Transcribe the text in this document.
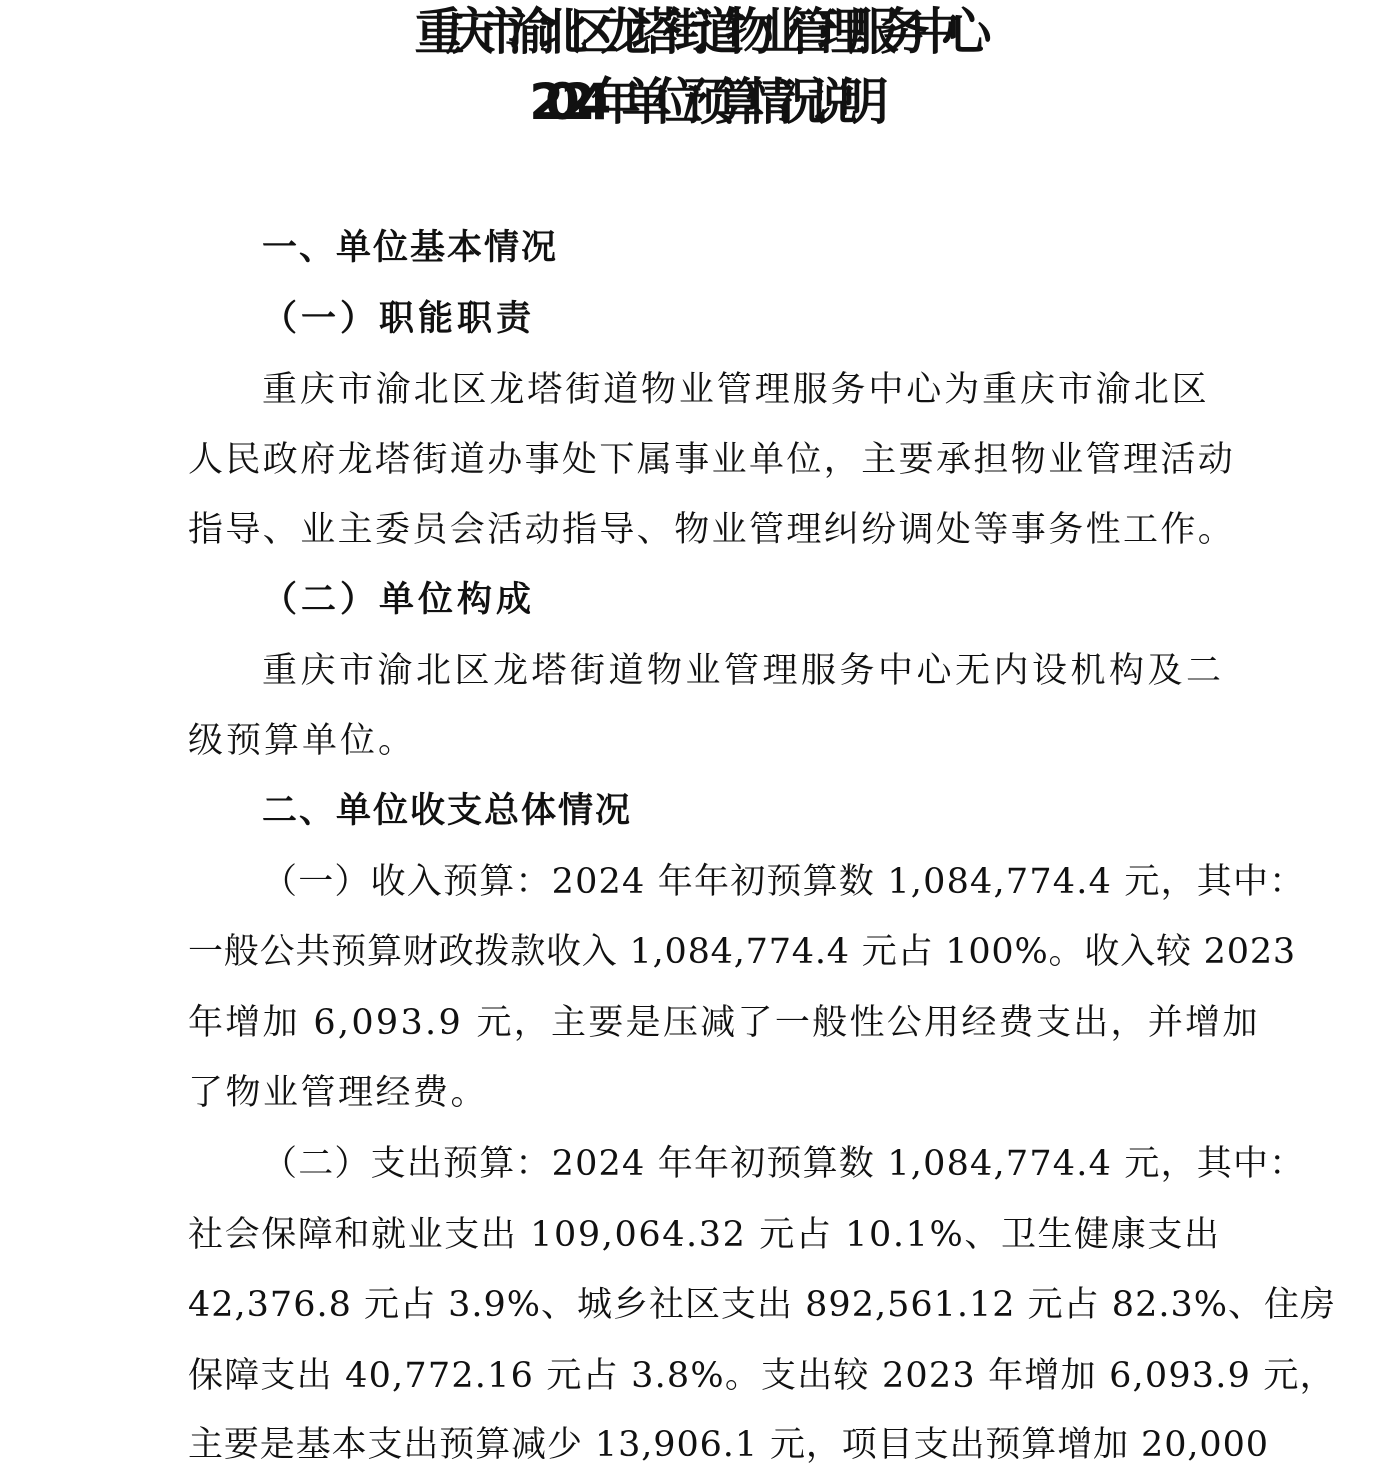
重庆市渝北区龙塔街道物业管理服务中心
2024 年单位预算情况说明
一、单位基本情况
（一）职能职责

重庆市渝北区龙塔街道物业管理服务中心为重庆市渝北区

人民政府龙塔街道办事处下属事业单位，主要承担物业管理活动

指导、业主委员会活动指导、物业管理纠纷调处等事务性工作。

（二）单位构成

重庆市渝北区龙塔街道物业管理服务中心无内设机构及二

级预算单位。

二、单位收支总体情况

（一）收入预算：2024 年年初预算数 1,084,774.4 元，其中：

一般公共预算财政拨款收入 1,084,774.4 元占 100%。收入较 2023

年增加 6,093.9 元，主要是压减了一般性公用经费支出，并增加

了物业管理经费。

（二）支出预算：2024 年年初预算数 1,084,774.4 元，其中：

社会保障和就业支出 109,064.32 元占 10.1%、卫生健康支出

42,376.8 元占 3.9%、城乡社区支出 892,561.12 元占 82.3%、住房

保障支出 40,772.16 元占 3.8%。支出较 2023 年增加 6,093.9 元，

主要是基本支出预算减少 13,906.1 元，项目支出预算增加 20,000
